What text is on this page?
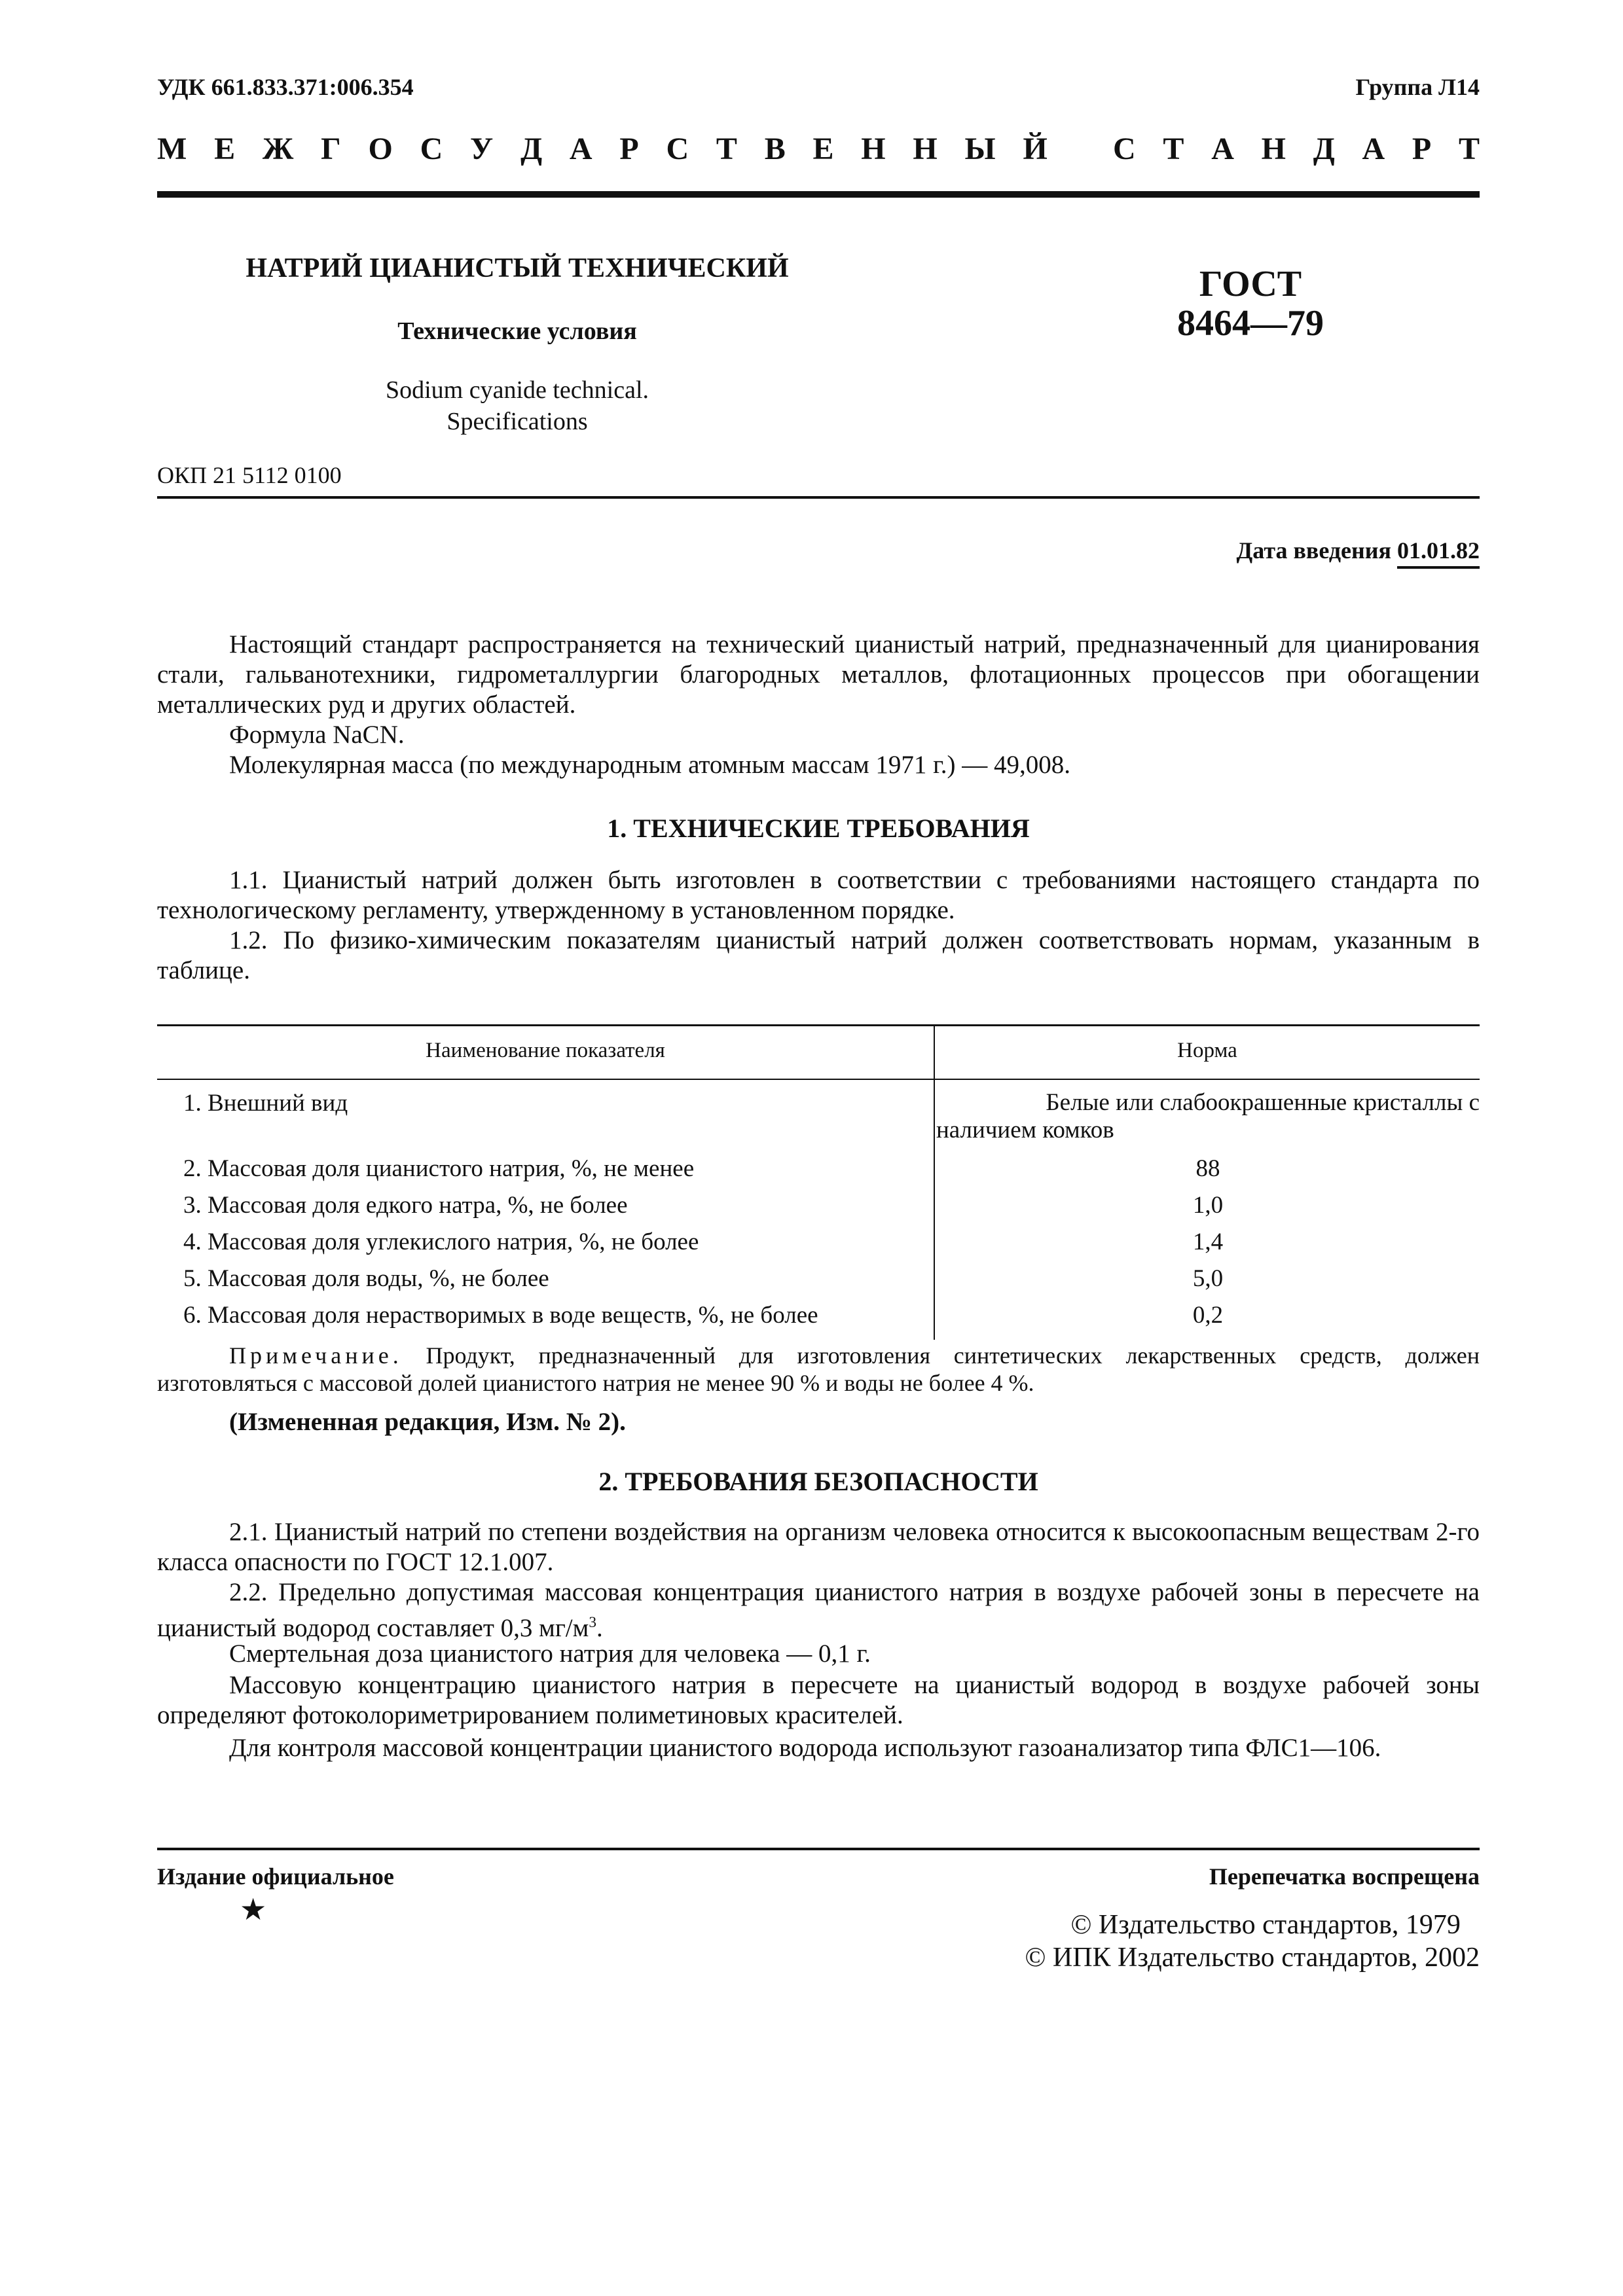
УДК 661.833.371:006.354	Группа Л14
М Е Ж Г О С У Д А Р С Т В Е Н Н Ы Й С Т А Н Д А Р Т
НАТРИЙ ЦИАНИСТЫЙ ТЕХНИЧЕСКИЙ
Технические условия
Sodium cyanide technical.
Specifications
ГОСТ
8464—79
ОКП 21 5112 0100
Дата введения 01.01.82
Настоящий стандарт распространяется на технический цианистый натрий, предназначенный для цианирования стали, гальванотехники, гидрометаллургии благородных металлов, флотационных процессов при обогащении металлических руд и других областей.
Формула NaCN.
Молекулярная масса (по международным атомным массам 1971 г.) — 49,008.
1. ТЕХНИЧЕСКИЕ ТРЕБОВАНИЯ
1.1. Цианистый натрий должен быть изготовлен в соответствии с требованиями настоящего стандарта по технологическому регламенту, утвержденному в установленном порядке.
1.2. По физико-химическим показателям цианистый натрий должен соответствовать нормам, указанным в таблице.
Наименование показателя	Норма
1. Внешний вид	Белые или слабоокрашенные кристаллы с
наличием комков
2. Массовая доля цианистого натрия, %, не менее	88
3. Массовая доля едкого натра, %, не более	1,0
4. Массовая доля углекислого натрия, %, не более	1,4
5. Массовая доля воды, %, не более	5,0
6. Массовая доля нерастворимых в воде веществ, %, не более	0,2
Примечание. Продукт, предназначенный для изготовления синтетических лекарственных средств, должен изготовляться с массовой долей цианистого натрия не менее 90 % и воды не более 4 %.
(Измененная редакция, Изм. № 2).
2. ТРЕБОВАНИЯ БЕЗОПАСНОСТИ
2.1. Цианистый натрий по степени воздействия на организм человека относится к высокоопасным веществам 2-го класса опасности по ГОСТ 12.1.007.
2.2. Предельно допустимая массовая концентрация цианистого натрия в воздухе рабочей зоны в пересчете на цианистый водород составляет 0,3 $мг/м^3$.
Смертельная доза цианистого натрия для человека — 0,1 г.
Массовую концентрацию цианистого натрия в пересчете на цианистый водород в воздухе рабочей зоны определяют фотоколориметрированием полиметиновых красителей.
Для контроля массовой концентрации цианистого водорода используют газоанализатор типа ФЛС1—106.
Издание официальное	Перепечатка воспрещена
★	© Издательство стандартов, 1979
© ИПК Издательство стандартов, 2002
